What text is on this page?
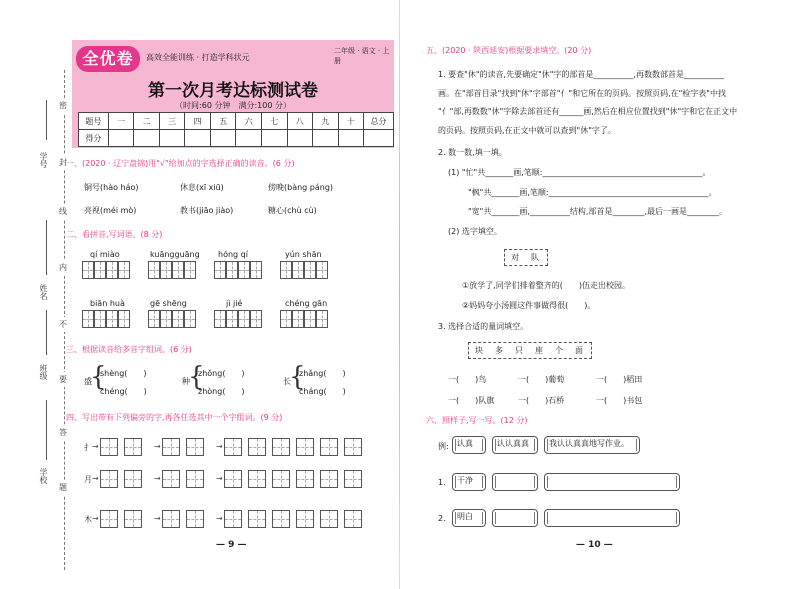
学号
姓名
班级
学校
密
封
线
内
不
要
答
题
全优卷	高效全能训练 · 打造学科状元
二年级 · 语文 · 上册
第一次月考达标测试卷
（时间:60 分钟　满分:100 分）
题号	一	二	三	四	五	六	七	八	九	十	总分
得分											
一、(2020 · 辽宁盘锦)用"√"给加点的字选择正确的读音。(6 分)
铜号(hào háo)	休息(xī xiū)	傍晚(bàng páng)
亮视(méi mò)	教书(jiāo jiào)	糖心(chù cù)
二、看拼音,写词语。(8 分)
qí miào	kuāngguāng hóng qí	yún shān
biān huà	gē shēng	jì jié	chéng gān
三、根据读音给多音字组词。(6 分)
盛
{
shèng(　　)
chéng(　　)
种
{
zhǒng(　　)
zhòng(　　)
长
{
zhǎng(　　)
cháng(　　)
四、写出带有下列偏旁的字,再各任选其中一个字组词。(9 分)
— 9 —
扌 →	→	→
月 →	→	→
木 →	→	→
五、(2020 · 陕西延安)根据要求填空。(20 分)
1. 要查"休"的读音,先要确定"休"字的部首是__________,再数数部首是__________
画。在"部首目录"找到"休"字部首"亻"和它所在的页码。按照页码,在"检字表"中找
"亻"部,再数数"休"字除去部首还有______画,然后在相应位置找到"休"字和它在正文中
的页码。按照页码,在正文中就可以查到"休"字了。
2. 数一数,填一填。
(1) "忙"共_______画,笔顺:________________________________________。
"枫"共_______画,笔顺:________________________________________。
"宽"共_______画,__________结构,部首是________,最后一画是________。
(2) 选字填空。
对　队
①放学了,同学们排着整齐的(　　)伍走出校园。
②妈妈夸小汤圆这件事做得很(　　)。
3. 选择合适的量词填空。
块　多　只　座　个　面
一(　　)鸟	一(　　)葡萄	一(　　)稻田
一(　　)队旗	一(　　)石桥	一(　　)书包
六、照样子,写一写。(12 分)
例:	认真	认认真真	我认认真真地写作业。
1.	干净
2.	明白
— 10 —
